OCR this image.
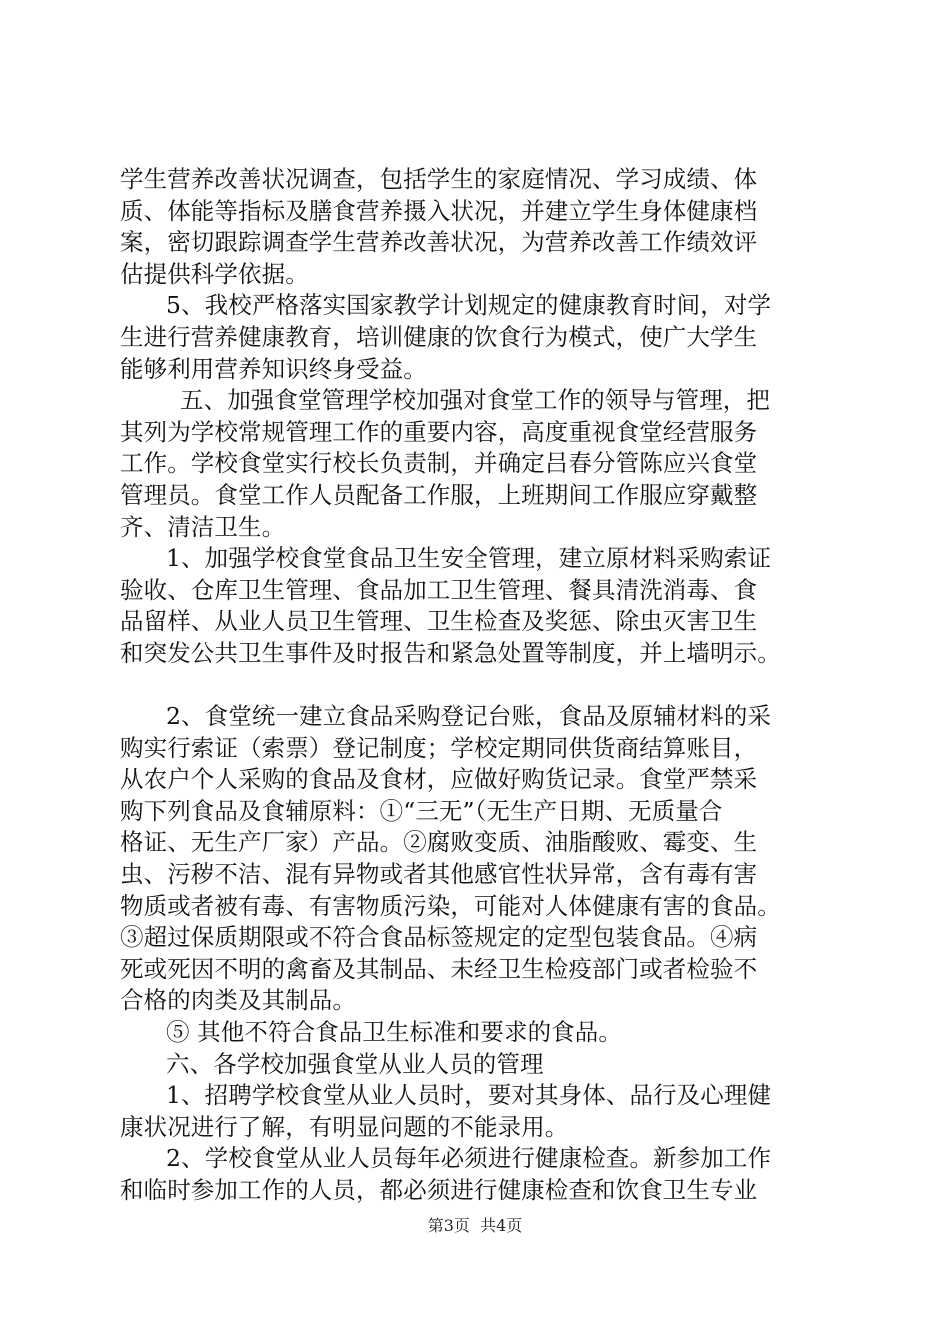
学生营养改善状况调查，包括学生的家庭情况、学习成绩、体
质、体能等指标及膳食营养摄入状况，并建立学生身体健康档
案，密切跟踪调查学生营养改善状况，为营养改善工作绩效评
估提供科学依据。
5、我校严格落实国家教学计划规定的健康教育时间，对学
生进行营养健康教育，培训健康的饮食行为模式，使广大学生
能够利用营养知识终身受益。
五、加强食堂管理学校加强对食堂工作的领导与管理，把
其列为学校常规管理工作的重要内容，高度重视食堂经营服务
工作。学校食堂实行校长负责制，并确定吕春分管陈应兴食堂
管理员。食堂工作人员配备工作服，上班期间工作服应穿戴整
齐、清洁卫生。
1、加强学校食堂食品卫生安全管理，建立原材料采购索证
验收、仓库卫生管理、食品加工卫生管理、餐具清洗消毒、食
品留样、从业人员卫生管理、卫生检查及奖惩、除虫灭害卫生
和突发公共卫生事件及时报告和紧急处置等制度，并上墙明示。
2、食堂统一建立食品采购登记台账，食品及原辅材料的采
购实行索证（索票）登记制度；学校定期同供货商结算账目，
从农户个人采购的食品及食材，应做好购货记录。食堂严禁采
购下列食品及食辅原料：①“三无”（无生产日期、无质量合
格证、无生产厂家）产品。②腐败变质、油脂酸败、霉变、生
虫、污秽不洁、混有异物或者其他感官性状异常，含有毒有害
物质或者被有毒、有害物质污染，可能对人体健康有害的食品。
③超过保质期限或不符合食品标签规定的定型包装食品。④病
死或死因不明的禽畜及其制品、未经卫生检疫部门或者检验不
合格的肉类及其制品。
⑤ 其他不符合食品卫生标准和要求的食品。
六、各学校加强食堂从业人员的管理
1、招聘学校食堂从业人员时，要对其身体、品行及心理健
康状况进行了解，有明显问题的不能录用。
2、学校食堂从业人员每年必须进行健康检查。新参加工作
和临时参加工作的人员，都必须进行健康检查和饮食卫生专业
第3页  共4页
